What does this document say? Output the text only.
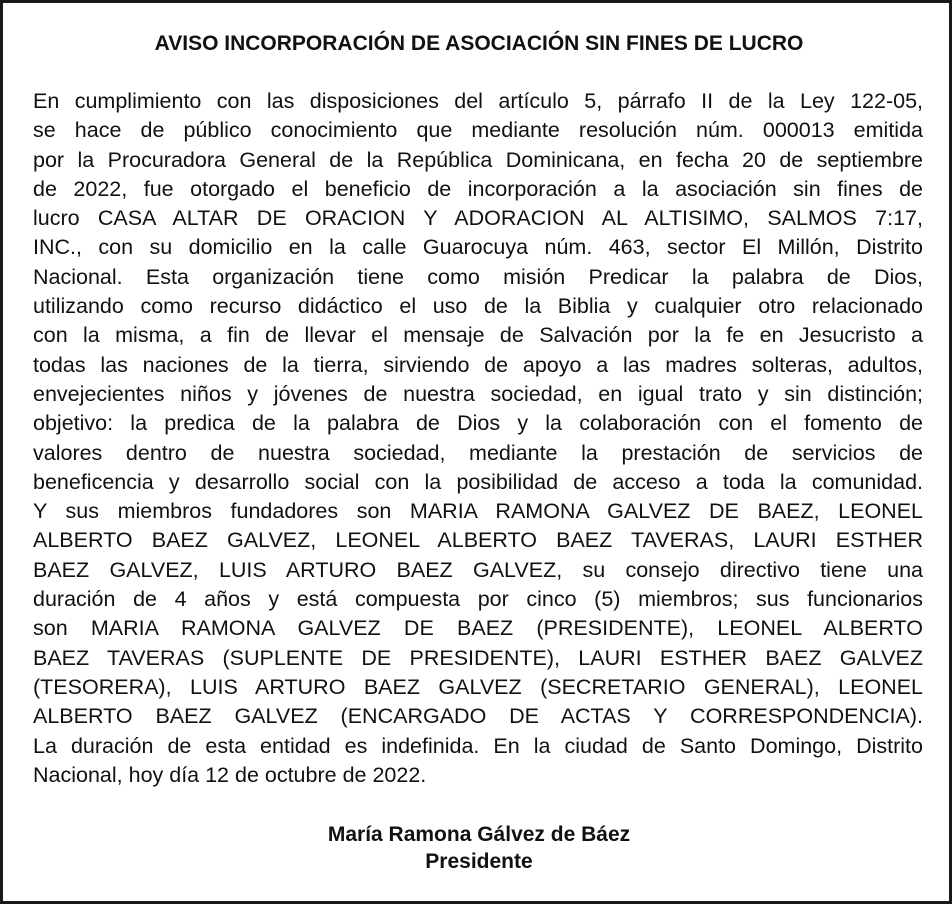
AVISO INCORPORACIÓN DE ASOCIACIÓN SIN FINES DE LUCRO

En cumplimiento con las disposiciones del artículo 5, párrafo II de la Ley 122-05,
se hace de público conocimiento que mediante resolución núm. 000013 emitida
por la Procuradora General de la República Dominicana, en fecha 20 de septiembre
de 2022, fue otorgado el beneficio de incorporación a la asociación sin fines de
lucro CASA ALTAR DE ORACION Y ADORACION AL ALTISIMO, SALMOS 7:17,
INC., con su domicilio en la calle Guarocuya núm. 463, sector El Millón, Distrito
Nacional. Esta organización tiene como misión Predicar la palabra de Dios,
utilizando como recurso didáctico el uso de la Biblia y cualquier otro relacionado
con la misma, a fin de llevar el mensaje de Salvación por la fe en Jesucristo a
todas las naciones de la tierra, sirviendo de apoyo a las madres solteras, adultos,
envejecientes niños y jóvenes de nuestra sociedad, en igual trato y sin distinción;
objetivo: la predica de la palabra de Dios y la colaboración con el fomento de
valores dentro de nuestra sociedad, mediante la prestación de servicios de
beneficencia y desarrollo social con la posibilidad de acceso a toda la comunidad.
Y sus miembros fundadores son MARIA RAMONA GALVEZ DE BAEZ, LEONEL
ALBERTO BAEZ GALVEZ, LEONEL ALBERTO BAEZ TAVERAS, LAURI ESTHER
BAEZ GALVEZ, LUIS ARTURO BAEZ GALVEZ, su consejo directivo tiene una
duración de 4 años y está compuesta por cinco (5) miembros; sus funcionarios
son MARIA RAMONA GALVEZ DE BAEZ (PRESIDENTE), LEONEL ALBERTO
BAEZ TAVERAS (SUPLENTE DE PRESIDENTE), LAURI ESTHER BAEZ GALVEZ
(TESORERA), LUIS ARTURO BAEZ GALVEZ (SECRETARIO GENERAL), LEONEL
ALBERTO BAEZ GALVEZ (ENCARGADO DE ACTAS Y CORRESPONDENCIA).
La duración de esta entidad es indefinida. En la ciudad de Santo Domingo, Distrito
Nacional, hoy día 12 de octubre de 2022.

María Ramona Gálvez de Báez
Presidente
